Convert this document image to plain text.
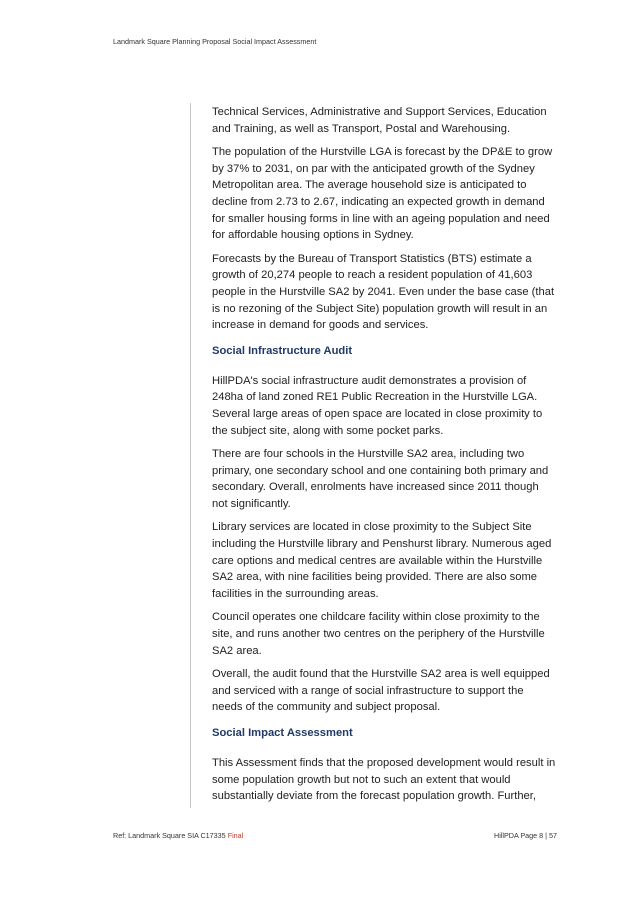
Landmark Square Planning Proposal Social Impact Assessment

Technical Services, Administrative and Support Services, Education and Training, as well as Transport, Postal and Warehousing.

The population of the Hurstville LGA is forecast by the DP&E to grow by 37% to 2031, on par with the anticipated growth of the Sydney Metropolitan area. The average household size is anticipated to decline from 2.73 to 2.67, indicating an expected growth in demand for smaller housing forms in line with an ageing population and need for affordable housing options in Sydney.

Forecasts by the Bureau of Transport Statistics (BTS) estimate a growth of 20,274 people to reach a resident population of 41,603 people in the Hurstville SA2 by 2041. Even under the base case (that is no rezoning of the Subject Site) population growth will result in an increase in demand for goods and services.

Social Infrastructure Audit

HillPDA's social infrastructure audit demonstrates a provision of 248ha of land zoned RE1 Public Recreation in the Hurstville LGA. Several large areas of open space are located in close proximity to the subject site, along with some pocket parks.

There are four schools in the Hurstville SA2 area, including two primary, one secondary school and one containing both primary and secondary. Overall, enrolments have increased since 2011 though not significantly.

Library services are located in close proximity to the Subject Site including the Hurstville library and Penshurst library. Numerous aged care options and medical centres are available within the Hurstville SA2 area, with nine facilities being provided. There are also some facilities in the surrounding areas.

Council operates one childcare facility within close proximity to the site, and runs another two centres on the periphery of the Hurstville SA2 area.

Overall, the audit found that the Hurstville SA2 area is well equipped and serviced with a range of social infrastructure to support the needs of the community and subject proposal.

Social Impact Assessment

This Assessment finds that the proposed development would result in some population growth but not to such an extent that would substantially deviate from the forecast population growth. Further,

Ref: Landmark Square SIA C17335 Final	HillPDA Page 8 | 57
